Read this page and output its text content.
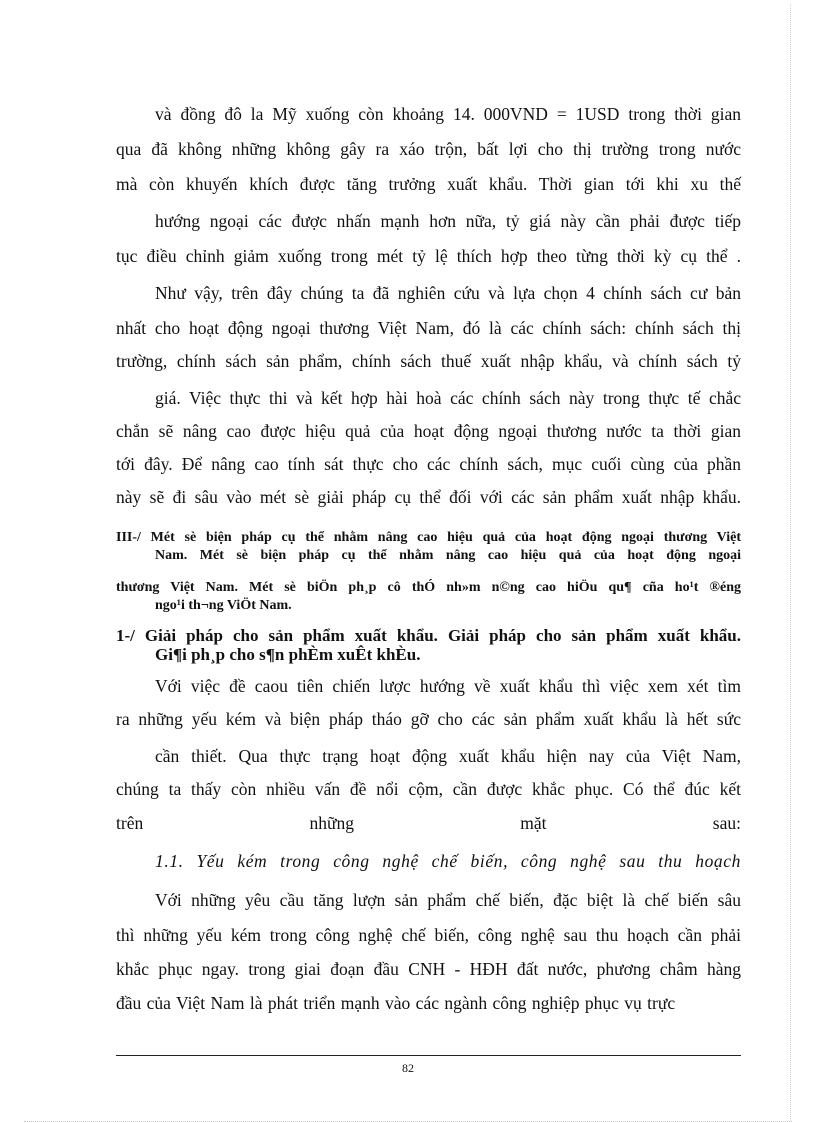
và đồng đô la Mỹ xuống còn khoảng 14. 000VND = 1USD trong thời gian
qua đã không những không gây ra xáo trộn, bất lợi cho thị trường trong nước
mà còn khuyến khích được tăng trưởng xuất khẩu. Thời gian tới khi xu thế
hướng ngoại các được nhấn mạnh hơn nữa, tỷ giá này cần phải được tiếp
tục điều chỉnh giảm xuống trong mét tỷ lệ thích hợp theo từng thời kỳ cụ thể .
Như vậy, trên đây chúng ta đã nghiên cứu và lựa chọn 4 chính sách cư bản
nhất cho hoạt động ngoại thương Việt Nam, đó là các chính sách: chính sách thị
trường, chính sách sản phẩm, chính sách thuế xuất nhập khẩu, và chính sách tỷ
giá. Việc thực thi và kết hợp hài hoà các chính sách này trong thực tế chắc
chắn sẽ nâng cao được hiệu quả của hoạt động ngoại thương nước ta thời gian
tới đây. Để nâng cao tính sát thực cho các chính sách, mục cuối cùng của phần
này sẽ đi sâu vào mét sè giải pháp cụ thể đối với các sản phẩm xuất nhập khẩu.
III-/ Mét sè biện pháp cụ thể nhằm nâng cao hiệu quả của hoạt động ngoại thương Việt
Nam. Mét sè biện pháp cụ thể nhằm nâng cao hiệu quả của hoạt động ngoại
thương Việt Nam. Mét sè biÖn ph¸p cô thÓ nh»m n©ng cao hiÖu qu¶ cña ho¹t ®éng
ngo¹i th¬ng ViÖt Nam.
1-/ Giải pháp cho sản phẩm xuất khẩu. Giải pháp cho sản phẩm xuất khẩu.
Gi¶i ph¸p cho s¶n phÈm xuÊt khÈu.
Với việc đề caou tiên chiến lược hướng về xuất khẩu thì việc xem xét tìm
ra những yếu kém và biện pháp tháo gỡ cho các sản phẩm xuất khẩu là hết sức
cần thiết. Qua thực trạng hoạt động xuất khẩu hiện nay của Việt Nam,
chúng ta thấy còn nhiều vấn đề nổi cộm, cần được khắc phục. Có thể đúc kết
trên những mặt sau:
1.1. Yếu kém trong công nghệ chế biến, công nghệ sau thu hoạch
Với những yêu cầu tăng lượn sản phẩm chế biến, đặc biệt là chế biến sâu
thì những yếu kém trong công nghệ chế biến, công nghệ sau thu hoạch cần phải
khắc phục ngay. trong giai đoạn đầu CNH - HĐH đất nước, phương châm hàng
đầu của Việt Nam là phát triển mạnh vào các ngành công nghiệp phục vụ trực
82
